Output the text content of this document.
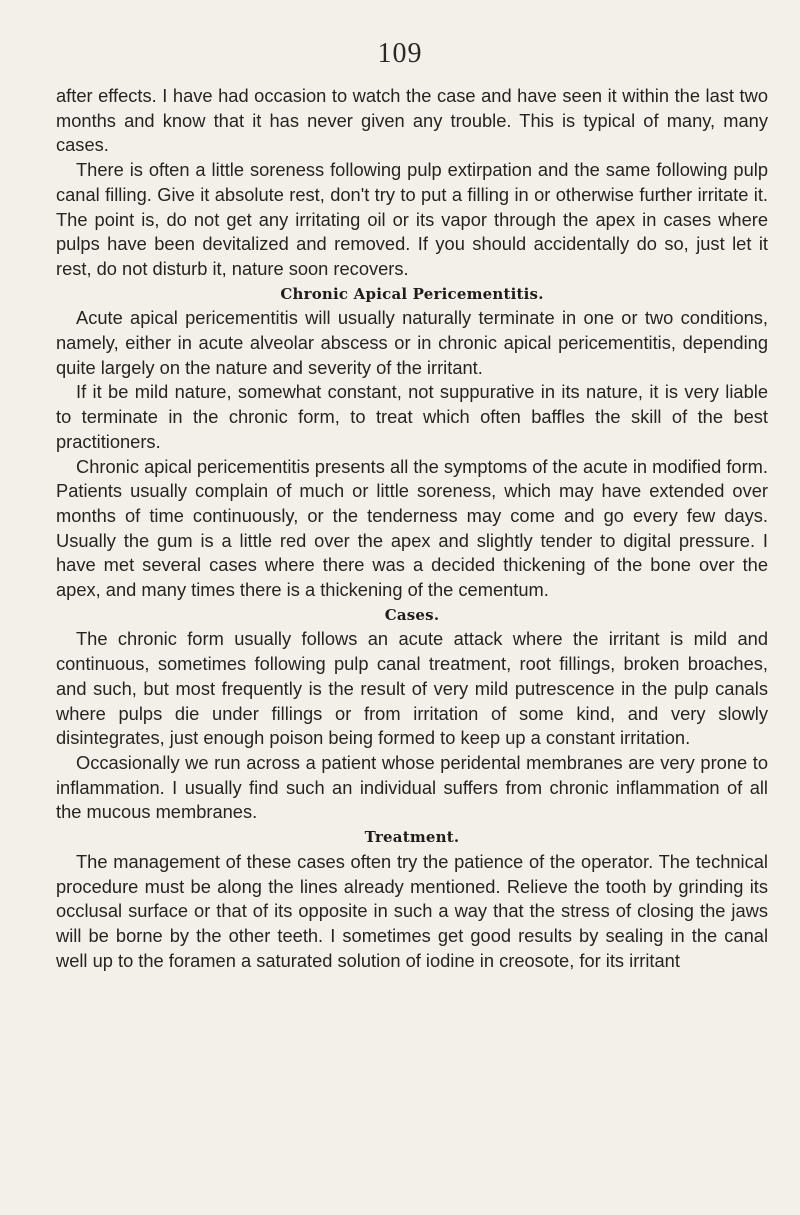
109

after effects. I have had occasion to watch the case and have seen it within the last two months and know that it has never given any trouble. This is typical of many, many cases.

There is often a little soreness following pulp extirpation and the same following pulp canal filling. Give it absolute rest, don't try to put a filling in or otherwise further irritate it. The point is, do not get any irritating oil or its vapor through the apex in cases where pulps have been devitalized and removed. If you should accidentally do so, just let it rest, do not disturb it, nature soon recovers.

Chronic Apical Pericementitis.

Acute apical pericementitis will usually naturally terminate in one or two conditions, namely, either in acute alveolar abscess or in chronic apical pericementitis, depending quite largely on the nature and severity of the irritant.

If it be mild nature, somewhat constant, not suppurative in its nature, it is very liable to terminate in the chronic form, to treat which often baffles the skill of the best practitioners.

Chronic apical pericementitis presents all the symptoms of the acute in modified form. Patients usually complain of much or little soreness, which may have extended over months of time continuously, or the tenderness may come and go every few days. Usually the gum is a little red over the apex and slightly tender to digital pressure. I have met several cases where there was a decided thickening of the bone over the apex, and many times there is a thickening of the cementum.

Cases.

The chronic form usually follows an acute attack where the irritant is mild and continuous, sometimes following pulp canal treatment, root fillings, broken broaches, and such, but most frequently is the result of very mild putrescence in the pulp canals where pulps die under fillings or from irritation of some kind, and very slowly disintegrates, just enough poison being formed to keep up a constant irritation.

Occasionally we run across a patient whose peridental membranes are very prone to inflammation. I usually find such an individual suffers from chronic inflammation of all the mucous membranes.

Treatment.

The management of these cases often try the patience of the operator. The technical procedure must be along the lines already mentioned. Relieve the tooth by grinding its occlusal surface or that of its opposite in such a way that the stress of closing the jaws will be borne by the other teeth. I sometimes get good results by sealing in the canal well up to the foramen a saturated solution of iodine in creosote, for its irritant
